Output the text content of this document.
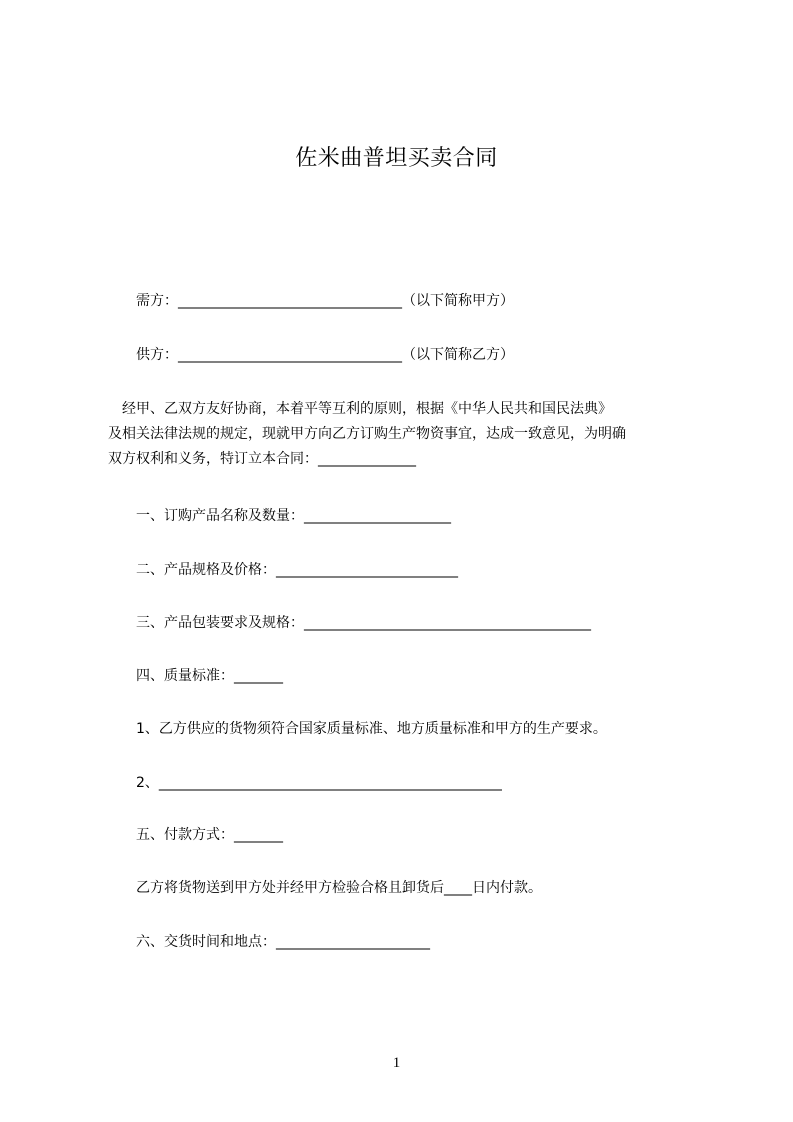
佐米曲普坦买卖合同
需方：________________________________（以下简称甲方）
供方：________________________________（以下简称乙方）

　经甲、乙双方友好协商，本着平等互利的原则，根据《中华人民共和国民法典》

及相关法律法规的规定，现就甲方向乙方订购生产物资事宜，达成一致意见，为明确

双方权利和义务，特订立本合同：______________

一、订购产品名称及数量：_____________________
二、产品规格及价格：__________________________
三、产品包装要求及规格：_________________________________________
四、质量标准：_______
1、乙方供应的货物须符合国家质量标准、地方质量标准和甲方的生产要求。
2、_________________________________________________
五、付款方式：_______
乙方将货物送到甲方处并经甲方检验合格且卸货后____日内付款。
六、交货时间和地点：______________________
1
